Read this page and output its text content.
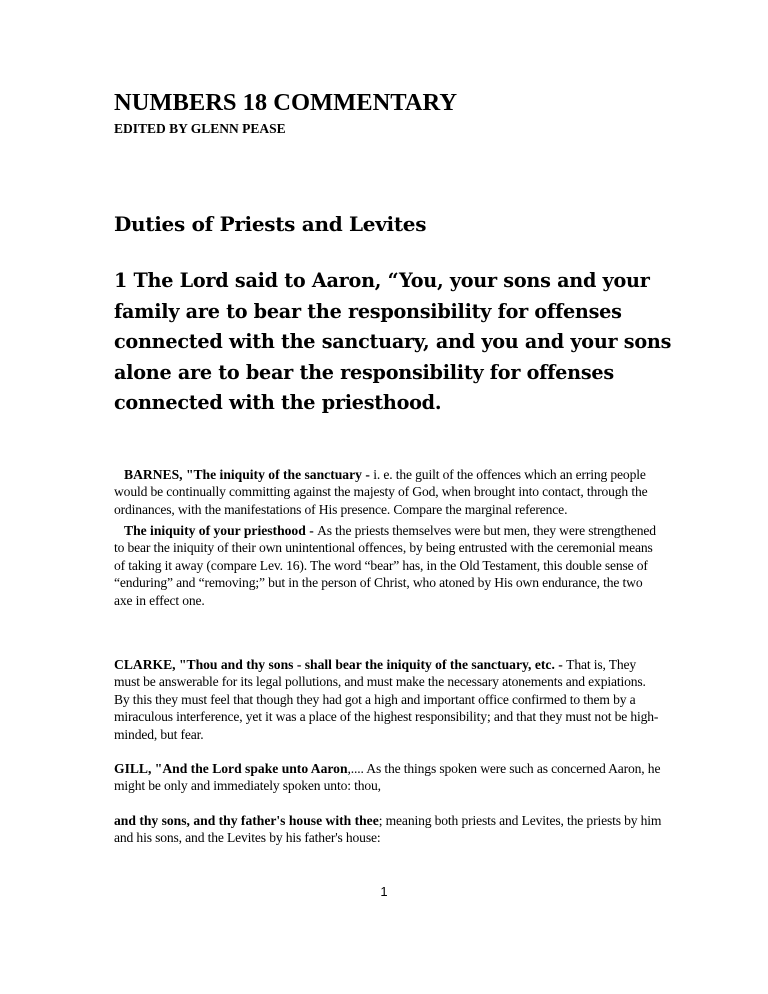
NUMBERS 18 COMMENTARY
EDITED BY GLENN PEASE
Duties of Priests and Levites

1 The Lord said to Aaron, “You, your sons and your family are to bear the responsibility for offenses connected with the sanctuary, and you and your sons alone are to bear the responsibility for offenses connected with the priesthood.

BARNES, "The iniquity of the sanctuary - i. e. the guilt of the offences which an erring people would be continually committing against the majesty of God, when brought into contact, through the ordinances, with the manifestations of His presence. Compare the marginal reference.

The iniquity of your priesthood - As the priests themselves were but men, they were strengthened to bear the iniquity of their own unintentional offences, by being entrusted with the ceremonial means of taking it away (compare Lev. 16). The word “bear” has, in the Old Testament, this double sense of “enduring” and “removing;” but in the person of Christ, who atoned by His own endurance, the two axe in effect one.

CLARKE, "Thou and thy sons - shall bear the iniquity of the sanctuary, etc. - That is, They must be answerable for its legal pollutions, and must make the necessary atonements and expiations. By this they must feel that though they had got a high and important office confirmed to them by a miraculous interference, yet it was a place of the highest responsibility; and that they must not be high-minded, but fear.

GILL, "And the Lord spake unto Aaron,.... As the things spoken were such as concerned Aaron, he might be only and immediately spoken unto: thou,

and thy sons, and thy father's house with thee; meaning both priests and Levites, the priests by him and his sons, and the Levites by his father's house:

1
